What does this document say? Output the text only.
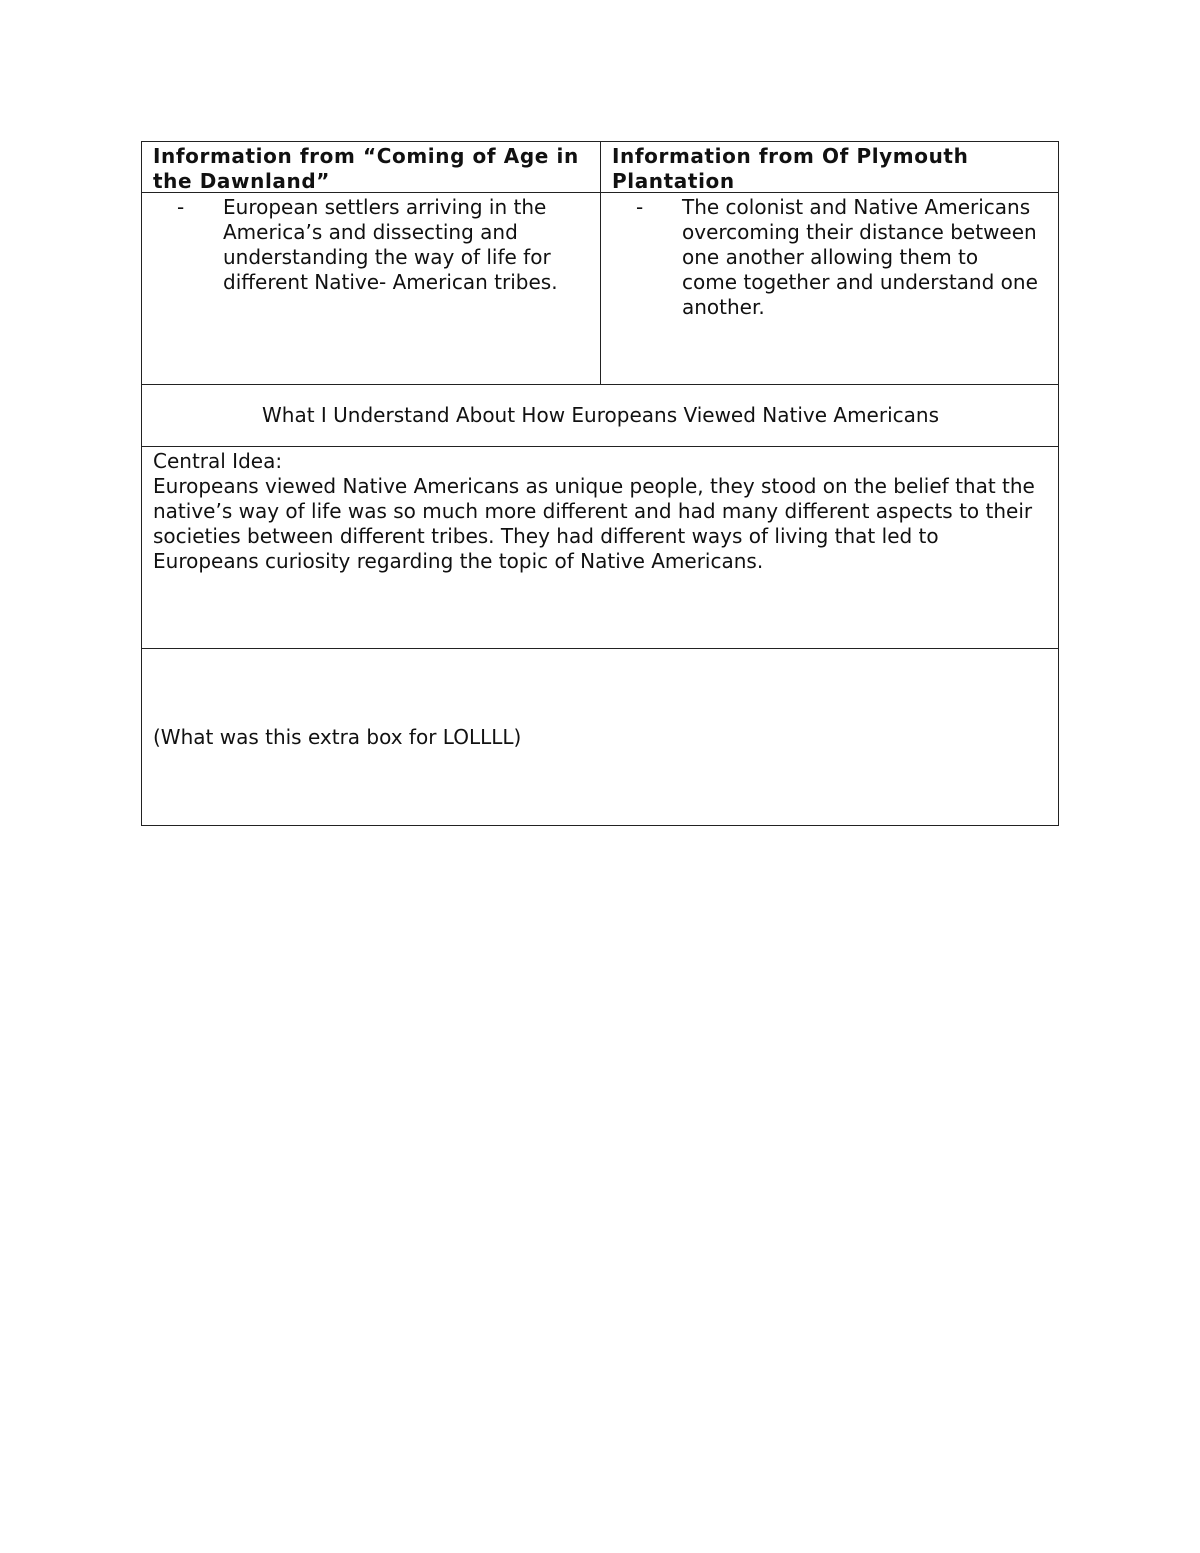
Information from “Coming of Age in the Dawnland”
Information from Of Plymouth Plantation
-	European settlers arriving in the America’s and dissecting and understanding the way of life for different Native- American tribes.
-	The colonist and Native Americans overcoming their distance between one another allowing them to come together and understand one another.
What I Understand About How Europeans Viewed Native Americans
Central Idea:
Europeans viewed Native Americans as unique people, they stood on the belief that the native’s way of life was so much more different and had many different aspects to their societies between different tribes. They had different ways of living that led to Europeans curiosity regarding the topic of Native Americans.
(What was this extra box for LOLLLL)
